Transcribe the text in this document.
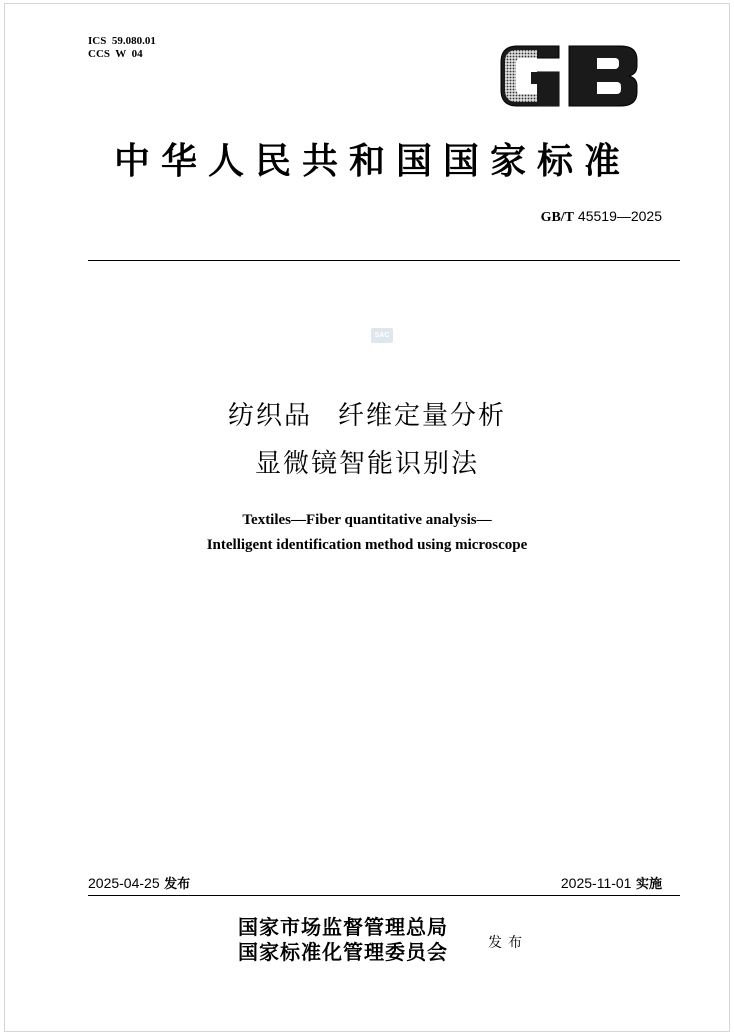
ICS  59.080.01
CCS  W  04
中华人民共和国国家标准
GB/T 45519—2025
SAC
纺织品 纤维定量分析
显微镜智能识别法
Textiles—Fiber quantitative analysis—
Intelligent identification method using microscope
2025-04-25 发布	2025-11-01 实施
国家市场监督管理总局
国家标准化管理委员会	发布
